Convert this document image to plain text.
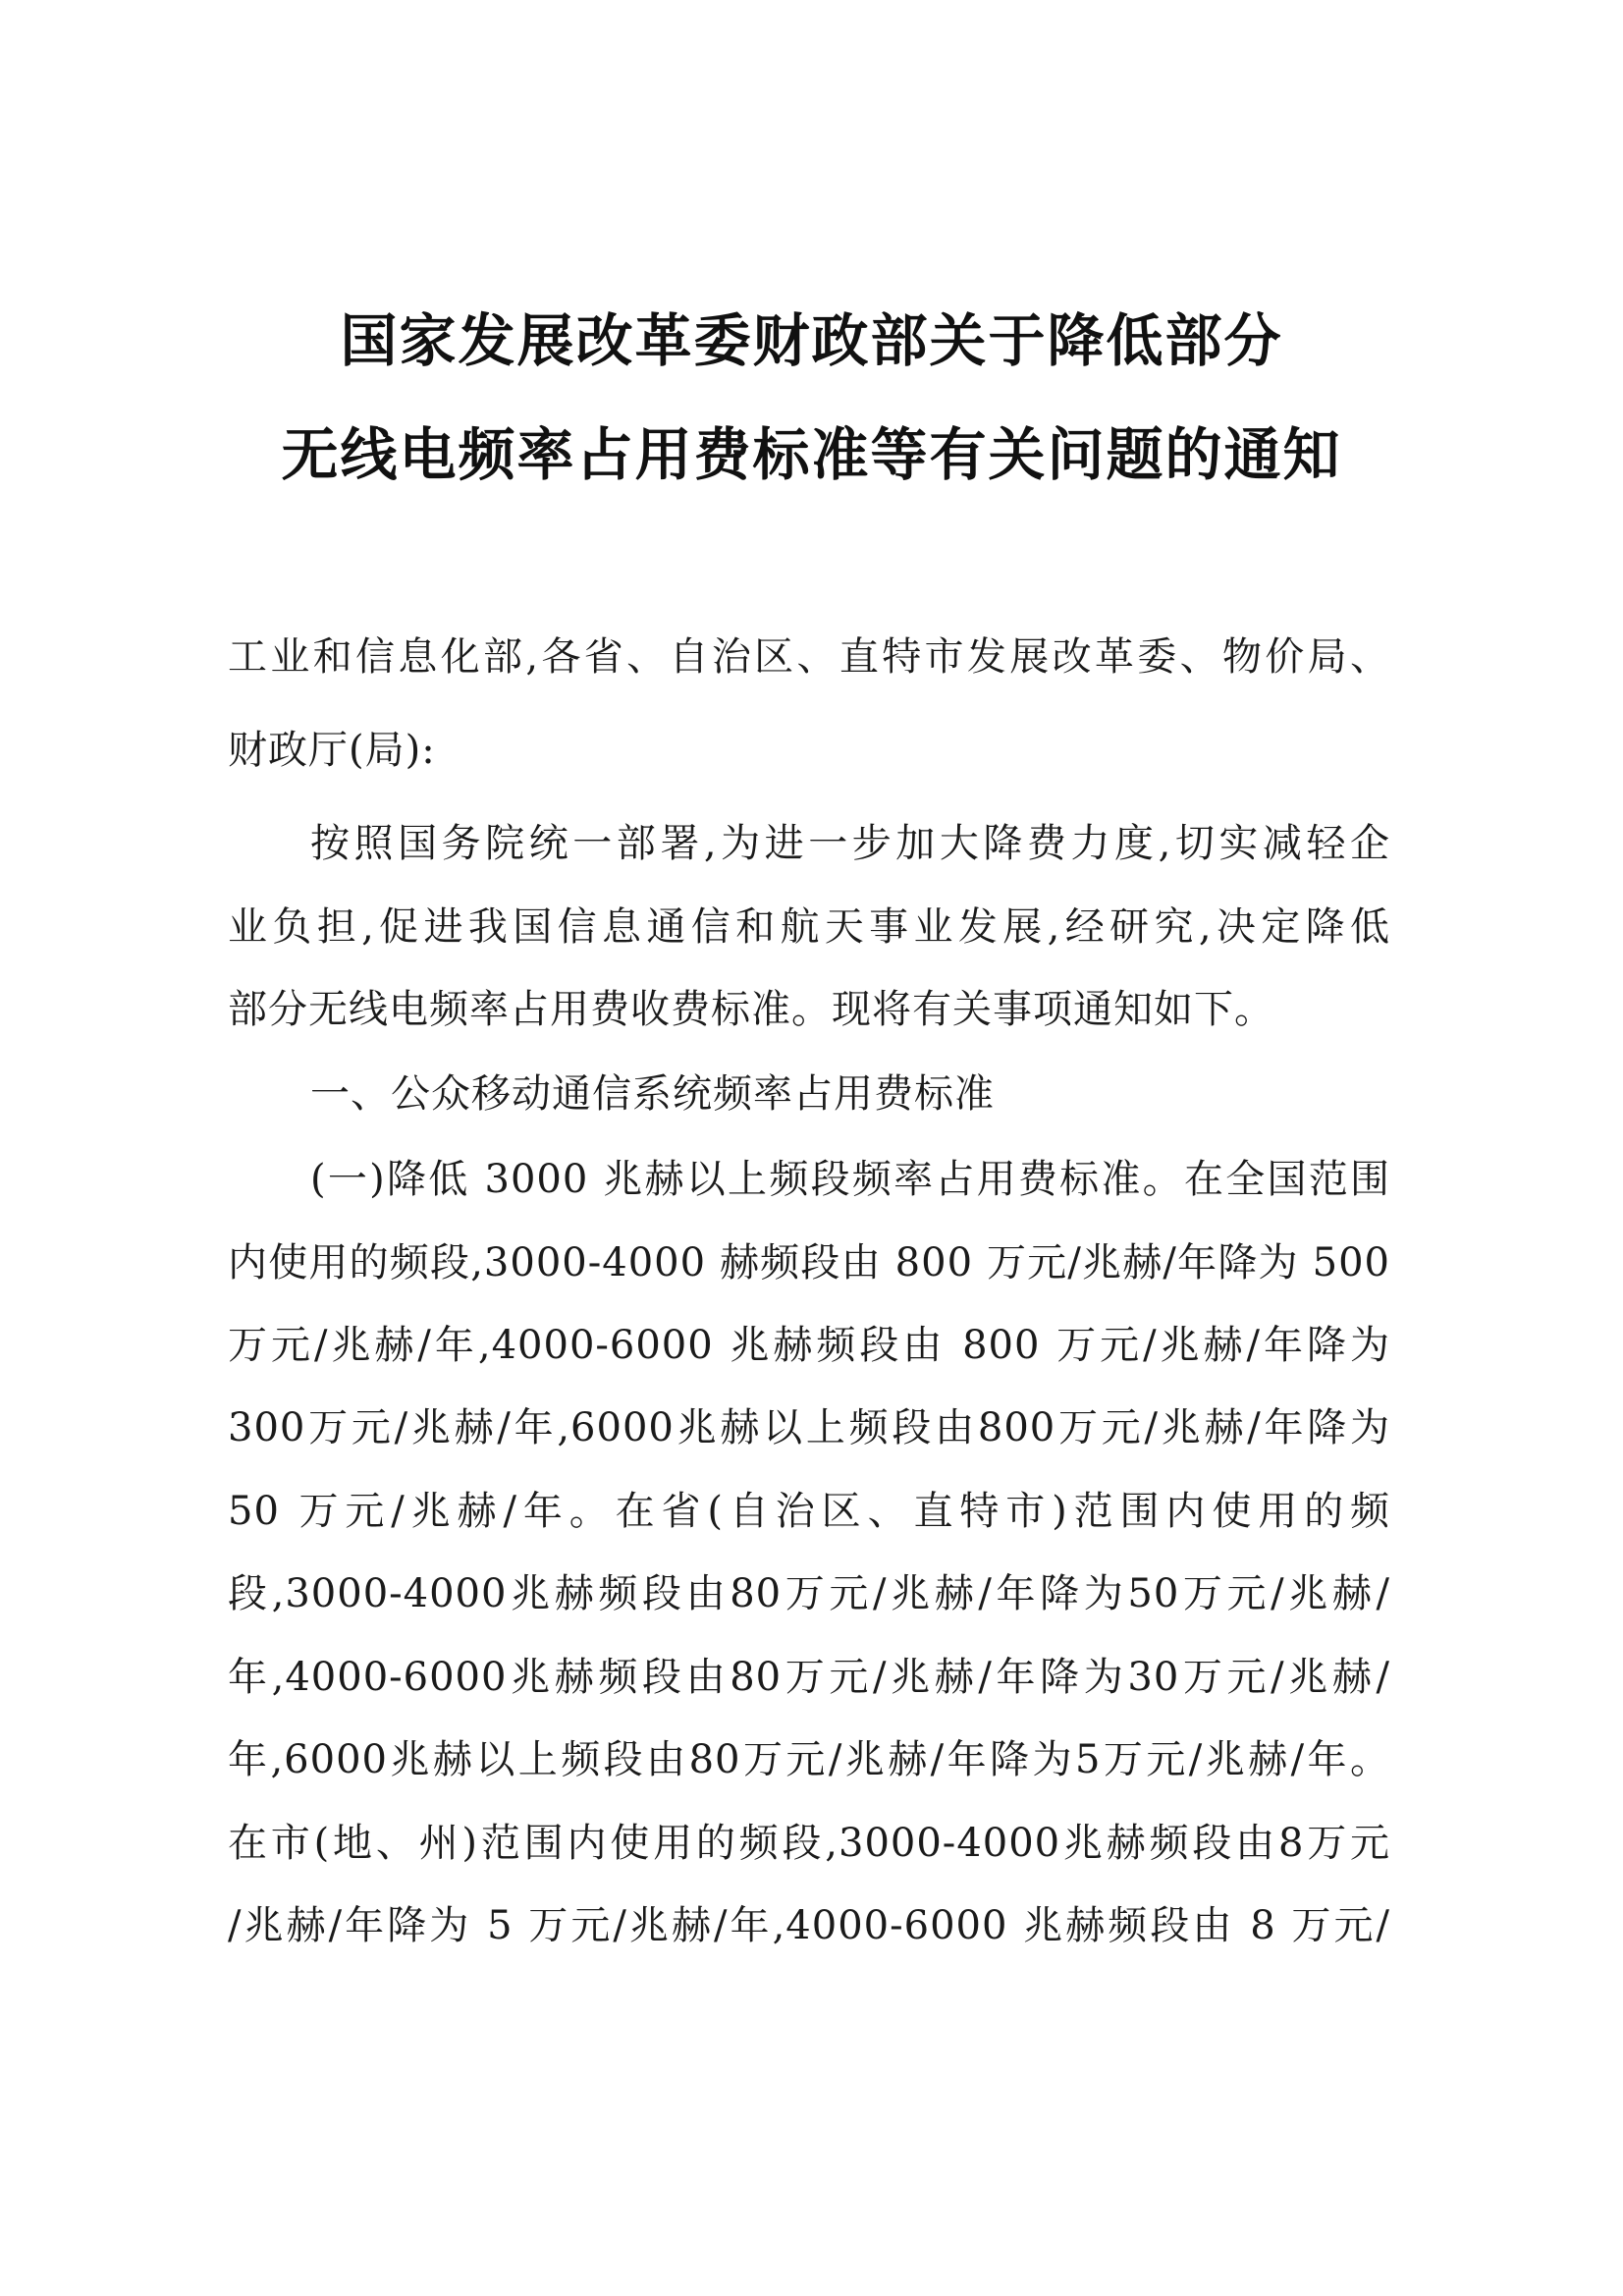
国家发展改革委财政部关于降低部分
无线电频率占用费标准等有关问题的通知
工业和信息化部,各省、自治区、直特市发展改革委、物价局、
财政厅(局):
按照国务院统一部署,为进一步加大降费力度,切实减轻企
业负担,促进我国信息通信和航天事业发展,经研究,决定降低
部分无线电频率占用费收费标准。现将有关事项通知如下。
一、公众移动通信系统频率占用费标准
(一)降低 3000 兆赫以上频段频率占用费标准。在全国范围
内使用的频段,3000-4000 赫频段由 800 万元/兆赫/年降为 500
万元/兆赫/年,4000-6000 兆赫频段由 800 万元/兆赫/年降为
300万元/兆赫/年,6000兆赫以上频段由800万元/兆赫/年降为
50 万元/兆赫/年。在省(自治区、直特市)范围内使用的频
段,3000-4000兆赫频段由80万元/兆赫/年降为50万元/兆赫/
年,4000-6000兆赫频段由80万元/兆赫/年降为30万元/兆赫/
年,6000兆赫以上频段由80万元/兆赫/年降为5万元/兆赫/年。
在市(地、州)范围内使用的频段,3000-4000兆赫频段由8万元
/兆赫/年降为 5 万元/兆赫/年,4000-6000 兆赫频段由 8 万元/
